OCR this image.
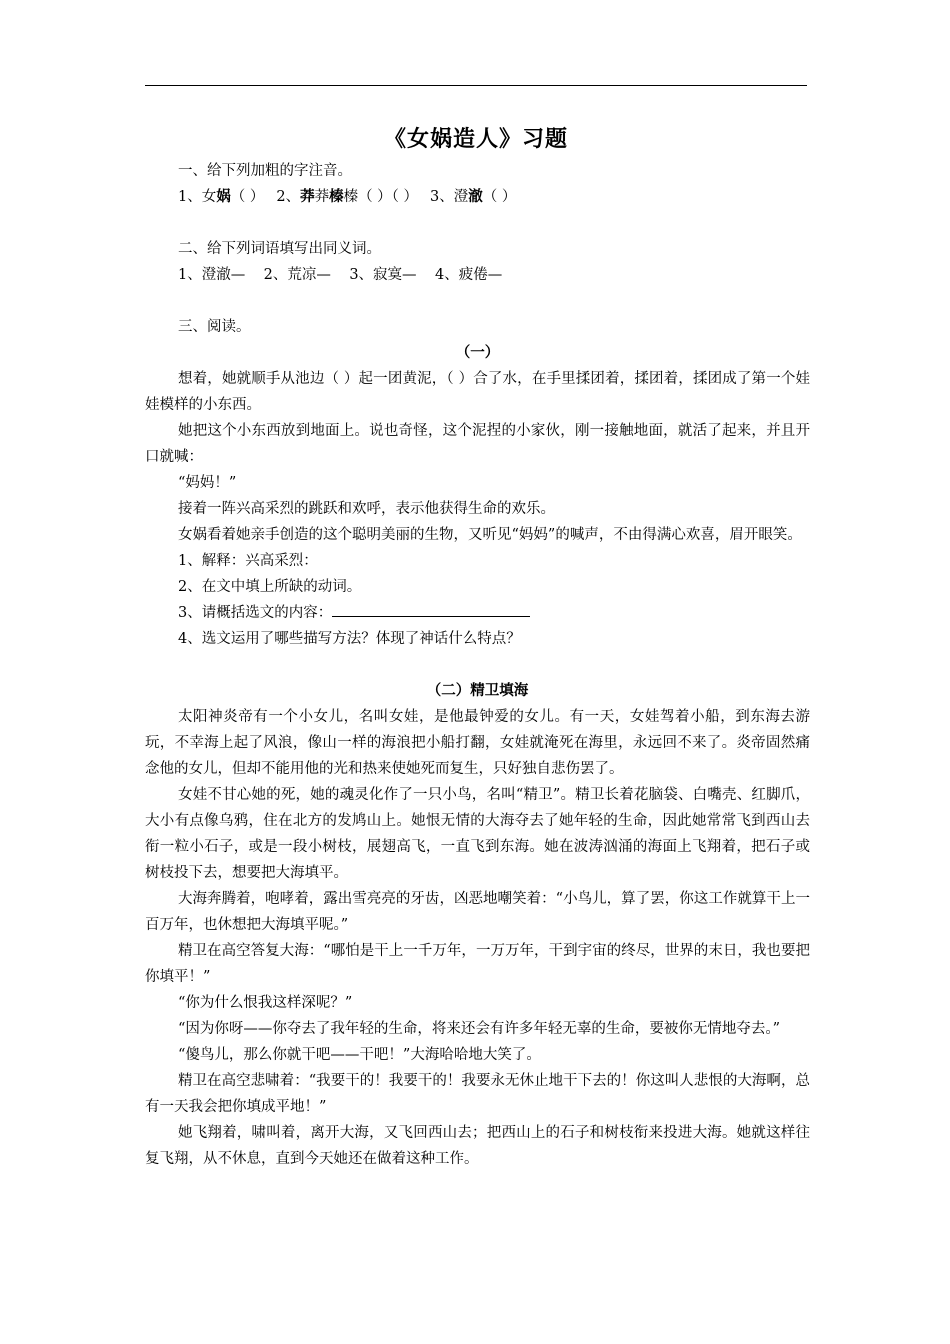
《女娲造人》习题

一、给下列加粗的字注音。

1、女娲（ ） 2、莽莽榛榛（ ）（ ） 3、澄澈（ ）

二、给下列词语填写出同义词。

1、澄澈—    2、荒凉—    3、寂寞—    4、疲倦—

三、阅读。

（一）

想着，她就顺手从池边（ ）起一团黄泥，（ ）合了水，在手里揉团着，揉团着，揉团成了第一个娃娃模样的小东西。

她把这个小东西放到地面上。说也奇怪，这个泥捏的小家伙，刚一接触地面，就活了起来，并且开口就喊：

“妈妈！”

接着一阵兴高采烈的跳跃和欢呼，表示他获得生命的欢乐。

女娲看着她亲手创造的这个聪明美丽的生物，又听见“妈妈”的喊声，不由得满心欢喜，眉开眼笑。

1、解释：兴高采烈：

2、在文中填上所缺的动词。

3、请概括选文的内容：

4、选文运用了哪些描写方法？体现了神话什么特点？

（二）精卫填海

太阳神炎帝有一个小女儿，名叫女娃，是他最钟爱的女儿。有一天，女娃驾着小船，到东海去游玩，不幸海上起了风浪，像山一样的海浪把小船打翻，女娃就淹死在海里，永远回不来了。炎帝固然痛念他的女儿，但却不能用他的光和热来使她死而复生，只好独自悲伤罢了。

女娃不甘心她的死，她的魂灵化作了一只小鸟，名叫“精卫”。精卫长着花脑袋、白嘴壳、红脚爪，大小有点像乌鸦，住在北方的发鸠山上。她恨无情的大海夺去了她年轻的生命，因此她常常飞到西山去衔一粒小石子，或是一段小树枝，展翅高飞，一直飞到东海。她在波涛汹涌的海面上飞翔着，把石子或树枝投下去，想要把大海填平。

大海奔腾着，咆哮着，露出雪亮亮的牙齿，凶恶地嘲笑着：“小鸟儿，算了罢，你这工作就算干上一百万年，也休想把大海填平呢。”

精卫在高空答复大海：“哪怕是干上一千万年，一万万年，干到宇宙的终尽，世界的末日，我也要把你填平！”

“你为什么恨我这样深呢？”

“因为你呀——你夺去了我年轻的生命，将来还会有许多年轻无辜的生命，要被你无情地夺去。”

“傻鸟儿，那么你就干吧——干吧！”大海哈哈地大笑了。

精卫在高空悲啸着：“我要干的！我要干的！我要永无休止地干下去的！你这叫人悲恨的大海啊，总有一天我会把你填成平地！”

她飞翔着，啸叫着，离开大海，又飞回西山去；把西山上的石子和树枝衔来投进大海。她就这样往复飞翔，从不休息，直到今天她还在做着这种工作。
